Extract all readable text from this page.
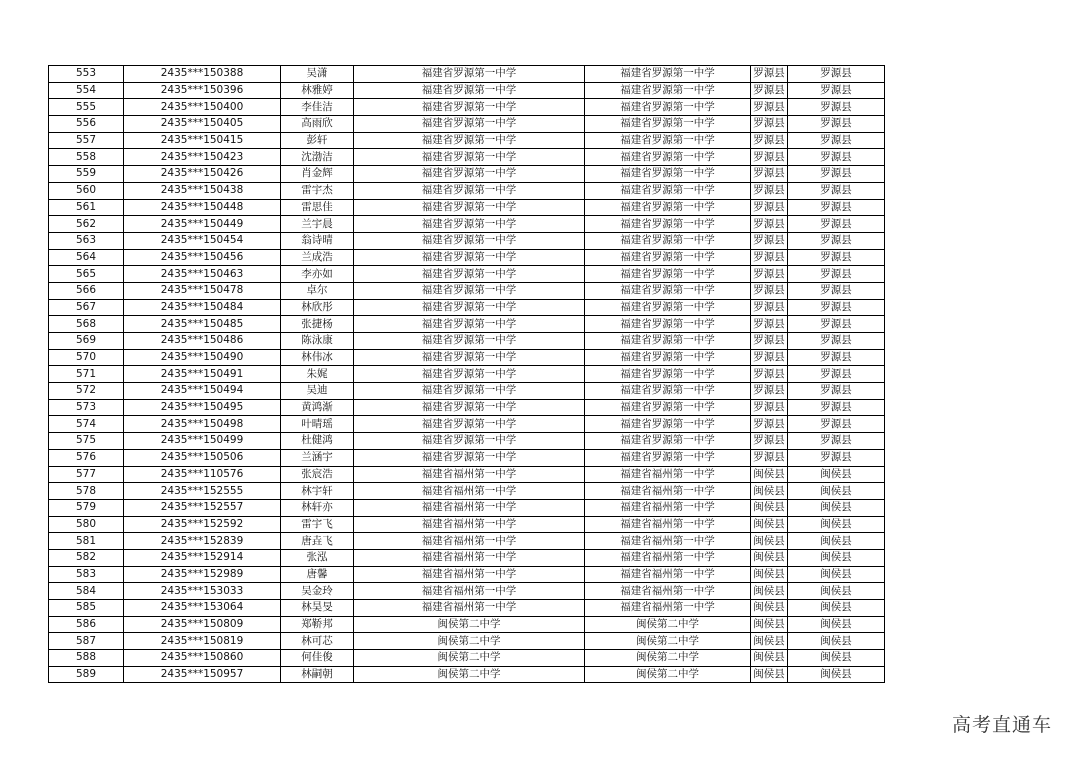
553	2435***150388	吴潇	福建省罗源第一中学	福建省罗源第一中学	罗源县	罗源县
554	2435***150396	林雅婷	福建省罗源第一中学	福建省罗源第一中学	罗源县	罗源县
555	2435***150400	李佳洁	福建省罗源第一中学	福建省罗源第一中学	罗源县	罗源县
556	2435***150405	高雨欣	福建省罗源第一中学	福建省罗源第一中学	罗源县	罗源县
557	2435***150415	彭轩	福建省罗源第一中学	福建省罗源第一中学	罗源县	罗源县
558	2435***150423	沈渤洁	福建省罗源第一中学	福建省罗源第一中学	罗源县	罗源县
559	2435***150426	肖金辉	福建省罗源第一中学	福建省罗源第一中学	罗源县	罗源县
560	2435***150438	雷宇杰	福建省罗源第一中学	福建省罗源第一中学	罗源县	罗源县
561	2435***150448	雷思佳	福建省罗源第一中学	福建省罗源第一中学	罗源县	罗源县
562	2435***150449	兰宇晨	福建省罗源第一中学	福建省罗源第一中学	罗源县	罗源县
563	2435***150454	翁诗晴	福建省罗源第一中学	福建省罗源第一中学	罗源县	罗源县
564	2435***150456	兰成浩	福建省罗源第一中学	福建省罗源第一中学	罗源县	罗源县
565	2435***150463	李亦如	福建省罗源第一中学	福建省罗源第一中学	罗源县	罗源县
566	2435***150478	卓尔	福建省罗源第一中学	福建省罗源第一中学	罗源县	罗源县
567	2435***150484	林欣彤	福建省罗源第一中学	福建省罗源第一中学	罗源县	罗源县
568	2435***150485	张捷杨	福建省罗源第一中学	福建省罗源第一中学	罗源县	罗源县
569	2435***150486	陈泳康	福建省罗源第一中学	福建省罗源第一中学	罗源县	罗源县
570	2435***150490	林伟冰	福建省罗源第一中学	福建省罗源第一中学	罗源县	罗源县
571	2435***150491	朱娓	福建省罗源第一中学	福建省罗源第一中学	罗源县	罗源县
572	2435***150494	吴迪	福建省罗源第一中学	福建省罗源第一中学	罗源县	罗源县
573	2435***150495	黄鸿渐	福建省罗源第一中学	福建省罗源第一中学	罗源县	罗源县
574	2435***150498	叶晴瑶	福建省罗源第一中学	福建省罗源第一中学	罗源县	罗源县
575	2435***150499	杜健鸿	福建省罗源第一中学	福建省罗源第一中学	罗源县	罗源县
576	2435***150506	兰涵宇	福建省罗源第一中学	福建省罗源第一中学	罗源县	罗源县
577	2435***110576	张宸浩	福建省福州第一中学	福建省福州第一中学	闽侯县	闽侯县
578	2435***152555	林宇轩	福建省福州第一中学	福建省福州第一中学	闽侯县	闽侯县
579	2435***152557	林轩亦	福建省福州第一中学	福建省福州第一中学	闽侯县	闽侯县
580	2435***152592	雷宇飞	福建省福州第一中学	福建省福州第一中学	闽侯县	闽侯县
581	2435***152839	唐垚飞	福建省福州第一中学	福建省福州第一中学	闽侯县	闽侯县
582	2435***152914	张泓	福建省福州第一中学	福建省福州第一中学	闽侯县	闽侯县
583	2435***152989	唐馨	福建省福州第一中学	福建省福州第一中学	闽侯县	闽侯县
584	2435***153033	吴金玲	福建省福州第一中学	福建省福州第一中学	闽侯县	闽侯县
585	2435***153064	林昊旻	福建省福州第一中学	福建省福州第一中学	闽侯县	闽侯县
586	2435***150809	郑鞒邦	闽侯第二中学	闽侯第二中学	闽侯县	闽侯县
587	2435***150819	林可芯	闽侯第二中学	闽侯第二中学	闽侯县	闽侯县
588	2435***150860	何佳俊	闽侯第二中学	闽侯第二中学	闽侯县	闽侯县
589	2435***150957	林嗣朝	闽侯第二中学	闽侯第二中学	闽侯县	闽侯县
高考直通车
